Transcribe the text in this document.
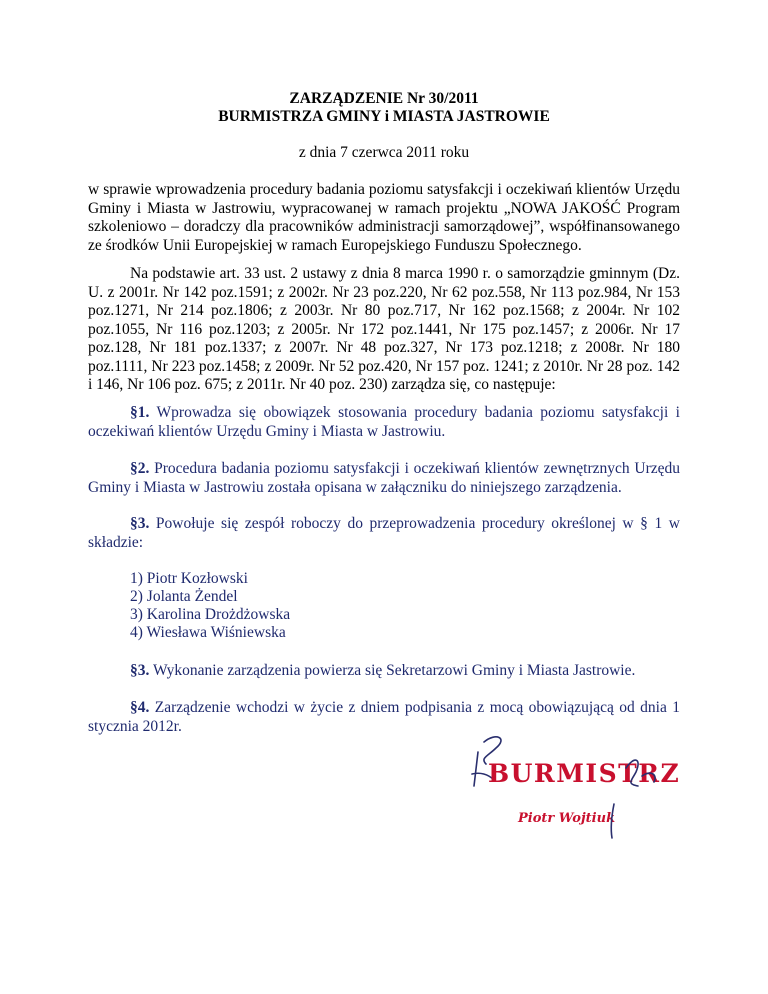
ZARZĄDZENIE Nr 30/2011
BURMISTRZA GMINY i MIASTA JASTROWIE
z dnia 7 czerwca 2011 roku

w sprawie wprowadzenia procedury badania poziomu satysfakcji i oczekiwań klientów Urzędu Gminy i Miasta w Jastrowiu, wypracowanej w ramach projektu „NOWA JAKOŚĆ Program szkoleniowo – doradczy dla pracowników administracji samorządowej”, współfinansowanego ze środków Unii Europejskiej w ramach Europejskiego Funduszu Społecznego.

Na podstawie art. 33 ust. 2 ustawy z dnia 8 marca 1990 r. o samorządzie gminnym (Dz. U. z 2001r. Nr 142 poz.1591; z 2002r. Nr 23 poz.220, Nr 62 poz.558, Nr 113 poz.984, Nr 153 poz.1271, Nr 214 poz.1806; z 2003r. Nr 80 poz.717, Nr 162 poz.1568; z 2004r. Nr 102 poz.1055, Nr 116 poz.1203; z 2005r. Nr 172 poz.1441, Nr 175 poz.1457; z 2006r. Nr 17 poz.128, Nr 181 poz.1337; z 2007r. Nr 48 poz.327, Nr 173 poz.1218; z 2008r. Nr 180 poz.1111, Nr 223 poz.1458; z 2009r. Nr 52 poz.420, Nr 157 poz. 1241; z 2010r. Nr 28 poz. 142 i 146, Nr 106 poz. 675; z 2011r. Nr 40 poz. 230) zarządza się, co następuje:

§1. Wprowadza się obowiązek stosowania procedury badania poziomu satysfakcji i oczekiwań klientów Urzędu Gminy i Miasta w Jastrowiu.

§2. Procedura badania poziomu satysfakcji i oczekiwań klientów zewnętrznych Urzędu Gminy i Miasta w Jastrowiu została opisana w załączniku do niniejszego zarządzenia.

§3. Powołuje się zespół roboczy do przeprowadzenia procedury określonej w § 1 w składzie:

1) Piotr Kozłowski
2) Jolanta Żendel
3) Karolina Drożdżowska
4) Wiesława Wiśniewska

§3. Wykonanie zarządzenia powierza się Sekretarzowi Gminy i Miasta Jastrowie.

§4. Zarządzenie wchodzi w życie z dniem podpisania z mocą obowiązującą od dnia 1 stycznia 2012r.

BURMISTRZ
Piotr Wojtiuk
